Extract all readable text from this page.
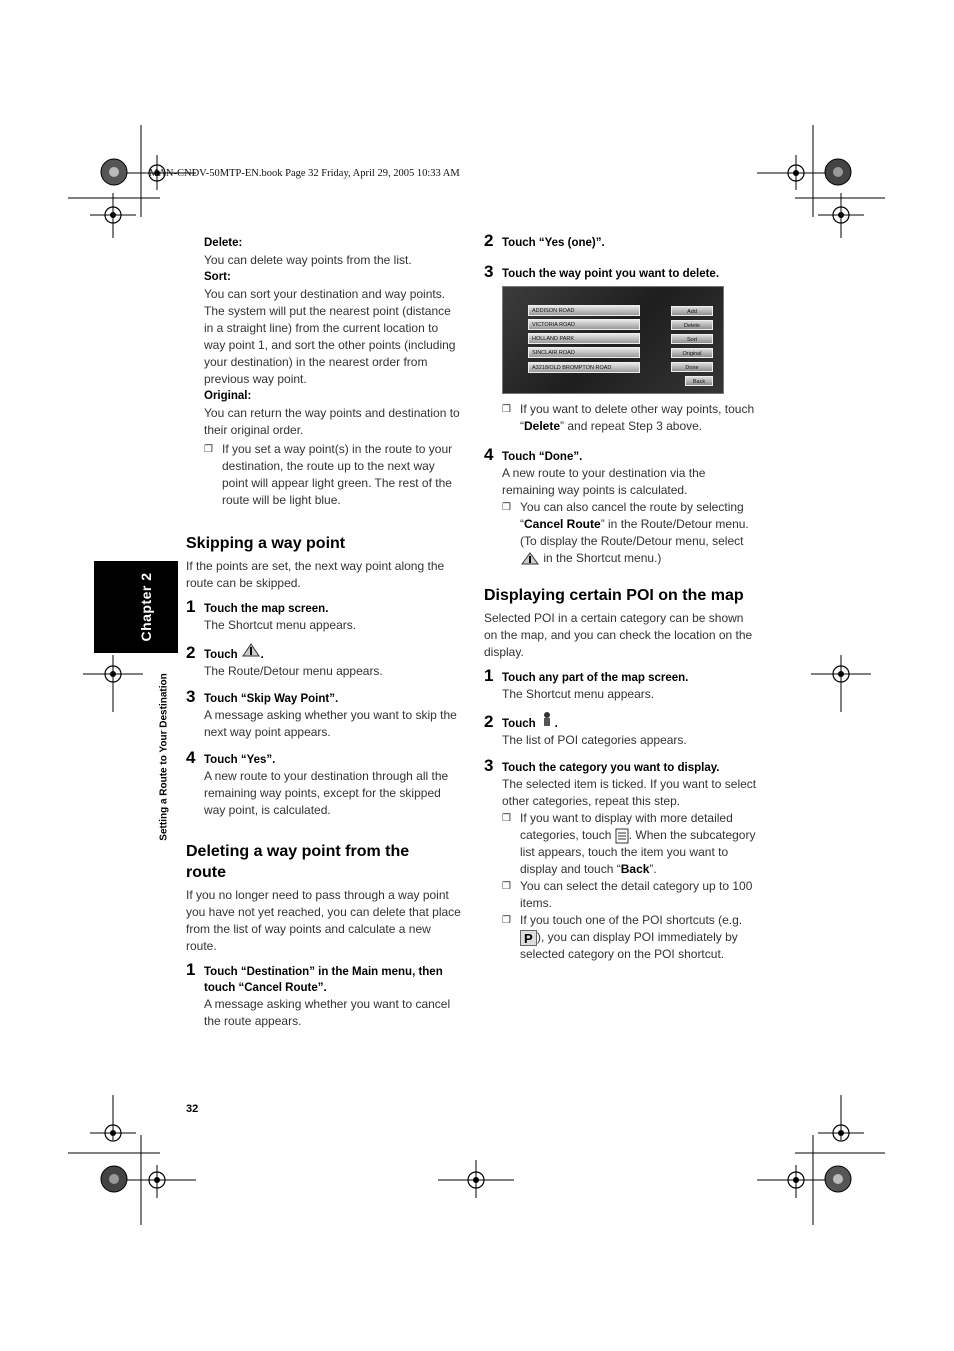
MAN-CNDV-50MTP-EN.book Page 32 Friday, April 29, 2005 10:33 AM
Chapter 2
Setting a Route to Your Destination

Delete:

You can delete way points from the list.

Sort:

You can sort your destination and way points. The system will put the nearest point (distance in a straight line) from the current location to way point 1, and sort the other points (including your destination) in the nearest order from previous way point.

Original:

You can return the way points and destination to their original order.

❒ If you set a way point(s) in the route to your destination, the route up to the next way point will appear light green. The rest of the route will be light blue.

Skipping a way point

If the points are set, the next way point along the route can be skipped.

1 Touch the map screen.

The Shortcut menu appears.

2 Touch .

The Route/Detour menu appears.

3 Touch “Skip Way Point”.

A message asking whether you want to skip the next way point appears.

4 Touch “Yes”.

A new route to your destination through all the remaining way points, except for the skipped way point, is calculated.

Deleting a way point from the route

If you no longer need to pass through a way point you have not yet reached, you can delete that place from the list of way points and calculate a new route.

1 Touch “Destination” in the Main menu, then touch “Cancel Route”.

A message asking whether you want to cancel the route appears.

2 Touch “Yes (one)”.
3 Touch the way point you want to delete.
ADDISON ROAD
VICTORIA ROAD
HOLLAND PARK
SINCLAIR ROAD
A3218/OLD BROMPTON ROAD
Add
Delete
Sort
Original
Done
Back
❒ If you want to delete other way points, touch “Delete” and repeat Step 3 above.

4 Touch “Done”.

A new route to your destination via the remaining way points is calculated.

❒ You can also cancel the route by selecting “Cancel Route” in the Route/Detour menu. (To display the Route/Detour menu, select  in the Shortcut menu.)

Displaying certain POI on the map

Selected POI in a certain category can be shown on the map, and you can check the location on the display.

1 Touch any part of the map screen.

The Shortcut menu appears.

2 Touch .

The list of POI categories appears.

3 Touch the category you want to display.

The selected item is ticked. If you want to select other categories, repeat this step.

❒ If you want to display with more detailed categories, touch . When the subcategory list appears, touch the item you want to display and touch “Back”.

❒ You can select the detail category up to 100 items.

❒ If you touch one of the POI shortcuts (e.g.
P ), you can display POI immediately by selected category on the POI shortcut.

32
